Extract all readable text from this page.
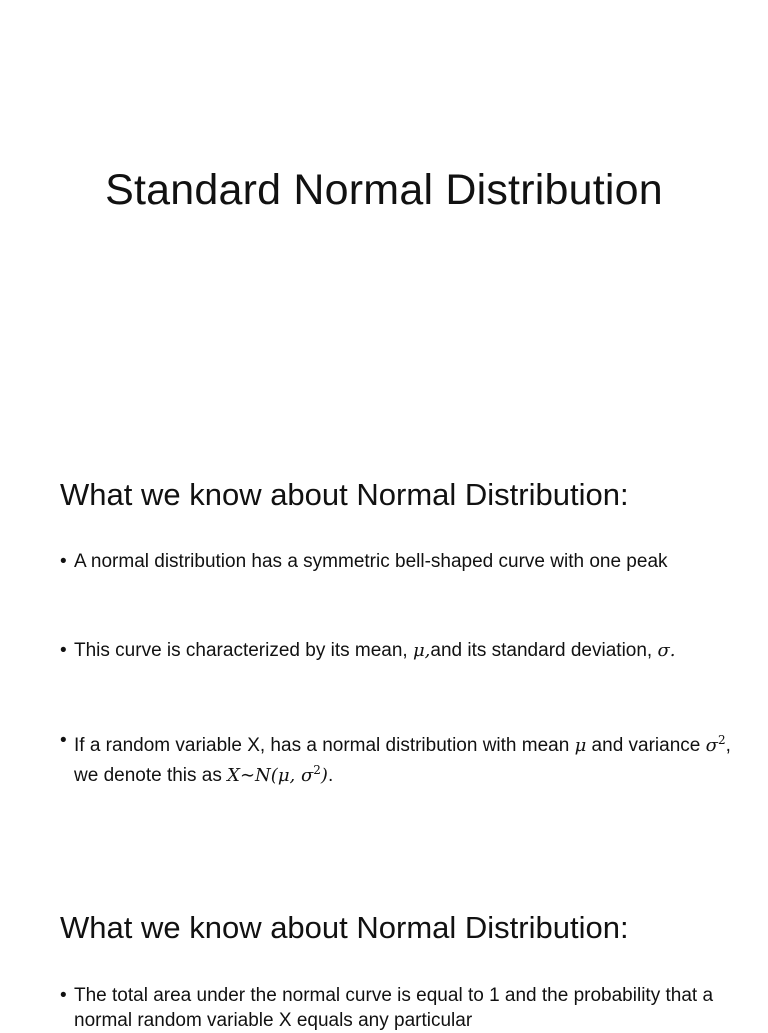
Standard Normal Distribution
What we know about Normal Distribution:
• A normal distribution has a symmetric bell-shaped curve with one peak
• This curve is characterized by its mean, μ,and its standard deviation, σ.
• If a random variable X, has a normal distribution with mean μ and variance $\sigma^2$, we denote this as X∼N(μ, $\sigma^2$).
What we know about Normal Distribution:
• The total area under the normal curve is equal to 1 and the probability that a normal random variable X equals any particular
